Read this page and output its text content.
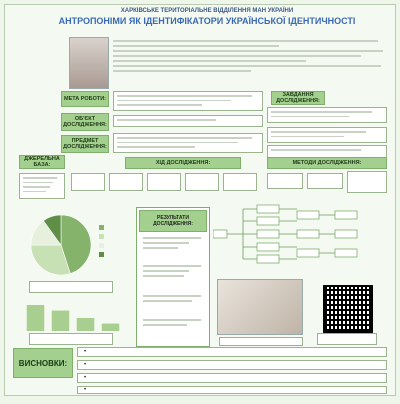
ХАРКІВСЬКЕ ТЕРИТОРІАЛЬНЕ ВІДДІЛЕННЯ МАН УКРАЇНИ
АНТРОПОНІМИ ЯК ІДЕНТИФІКАТОРИ УКРАЇНСЬКОЇ ІДЕНТИЧНОСТІ
МЕТА РОБОТИ:
ОБ'ЄКТ ДОСЛІДЖЕННЯ:
ПРЕДМЕТ ДОСЛІДЖЕННЯ:
ЗАВДАННЯ ДОСЛІДЖЕННЯ:
ДЖЕРЕЛЬНА БАЗА:	ХІД ДОСЛІДЖЕННЯ:	МЕТОДИ ДОСЛІДЖЕННЯ:
РЕЗУЛЬТАТИ ДОСЛІДЖЕННЯ:
ВИСНОВКИ:
•
•
•
•
